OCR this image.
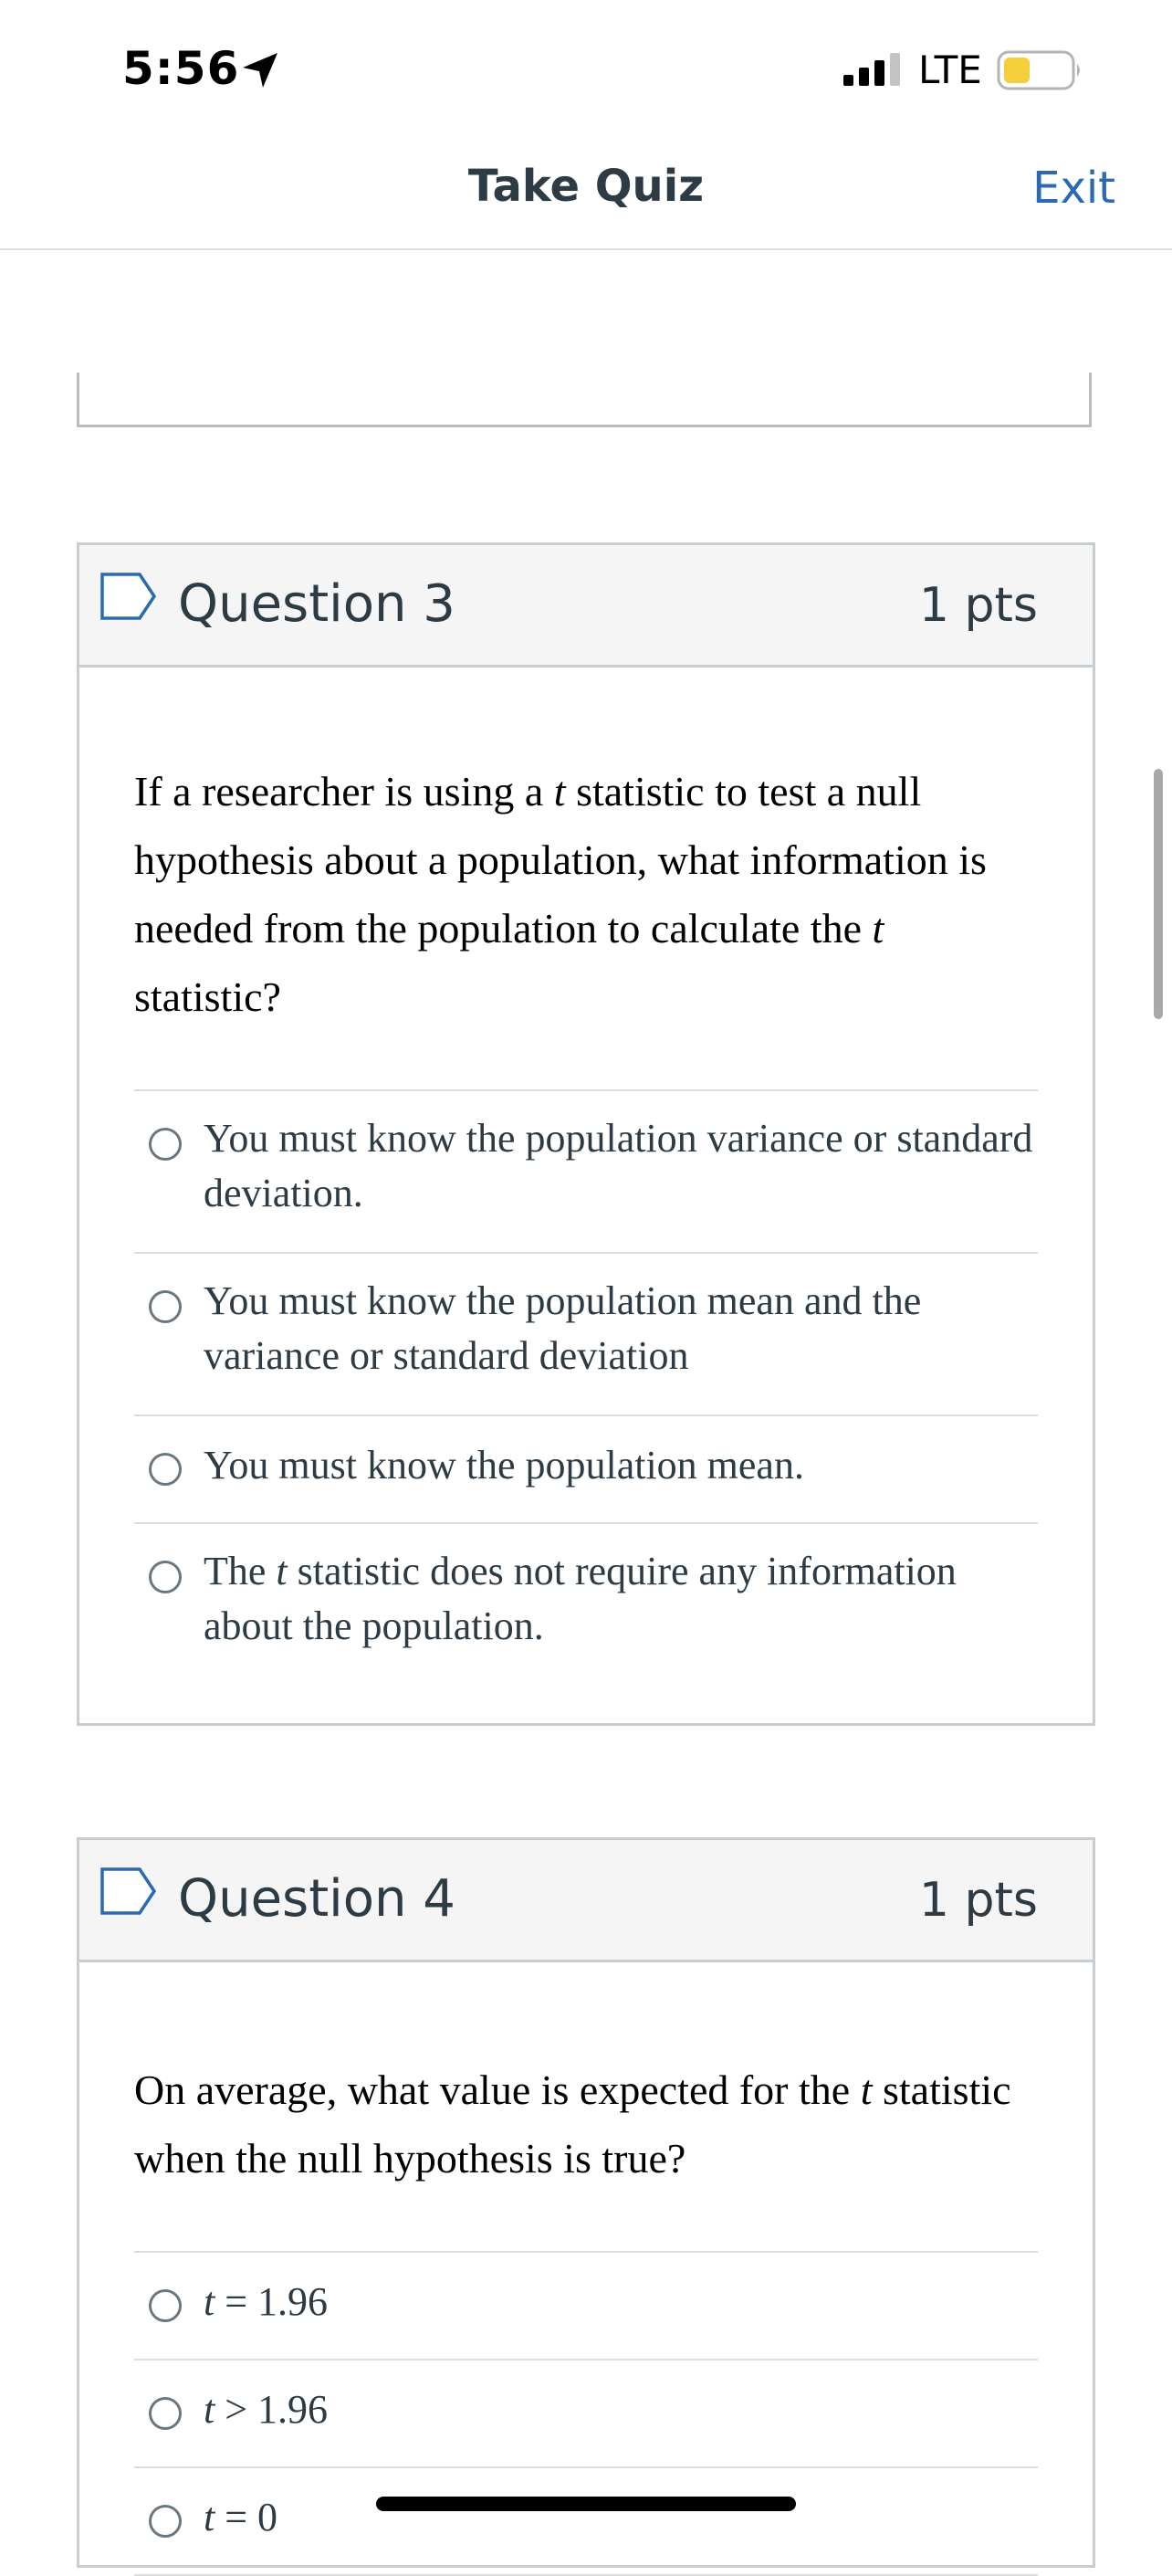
5:56	LTE
Take Quiz	Exit
Question 3	1 pts

If a researcher is using a t statistic to test a null hypothesis about a population, what information is needed from the population to calculate the t statistic?

You must know the population variance or standard deviation.
You must know the population mean and the variance or standard deviation
You must know the population mean.
The t statistic does not require any information about the population.
Question 4	1 pts

On average, what value is expected for the t statistic when the null hypothesis is true?

t = 1.96
t > 1.96
t = 0
